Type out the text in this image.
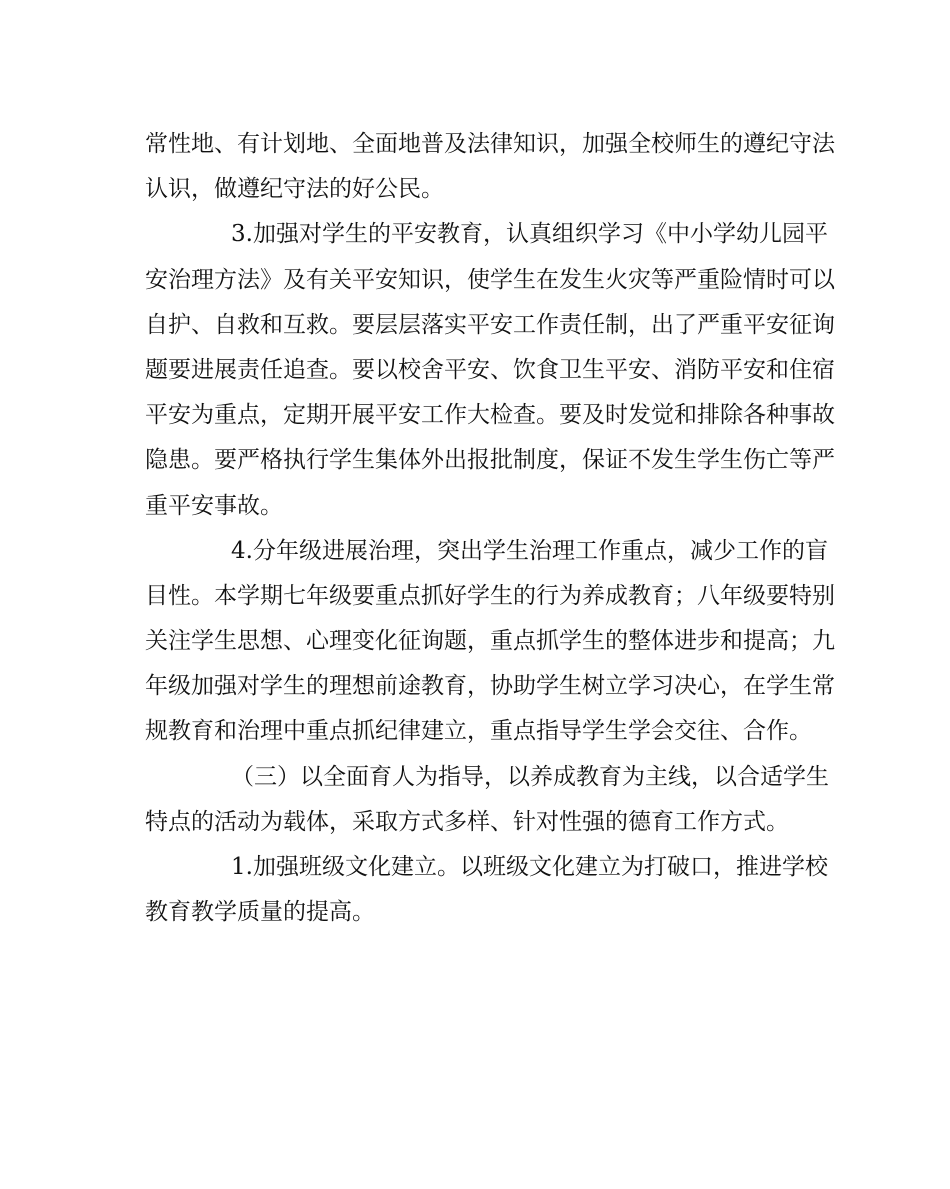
常性地、有计划地、全面地普及法律知识，加强全校师生的遵纪守法
认识，做遵纪守法的好公民。
3.加强对学生的平安教育，认真组织学习《中小学幼儿园平
安治理方法》及有关平安知识，使学生在发生火灾等严重险情时可以
自护、自救和互救。要层层落实平安工作责任制，出了严重平安征询
题要进展责任追查。要以校舍平安、饮食卫生平安、消防平安和住宿
平安为重点，定期开展平安工作大检查。要及时发觉和排除各种事故
隐患。要严格执行学生集体外出报批制度，保证不发生学生伤亡等严
重平安事故。
4.分年级进展治理，突出学生治理工作重点，减少工作的盲
目性。本学期七年级要重点抓好学生的行为养成教育；八年级要特别
关注学生思想、心理变化征询题，重点抓学生的整体进步和提高；九
年级加强对学生的理想前途教育，协助学生树立学习决心，在学生常
规教育和治理中重点抓纪律建立，重点指导学生学会交往、合作。
（三）以全面育人为指导，以养成教育为主线，以合适学生
特点的活动为载体，采取方式多样、针对性强的德育工作方式。
1.加强班级文化建立。以班级文化建立为打破口，推进学校
教育教学质量的提高。
